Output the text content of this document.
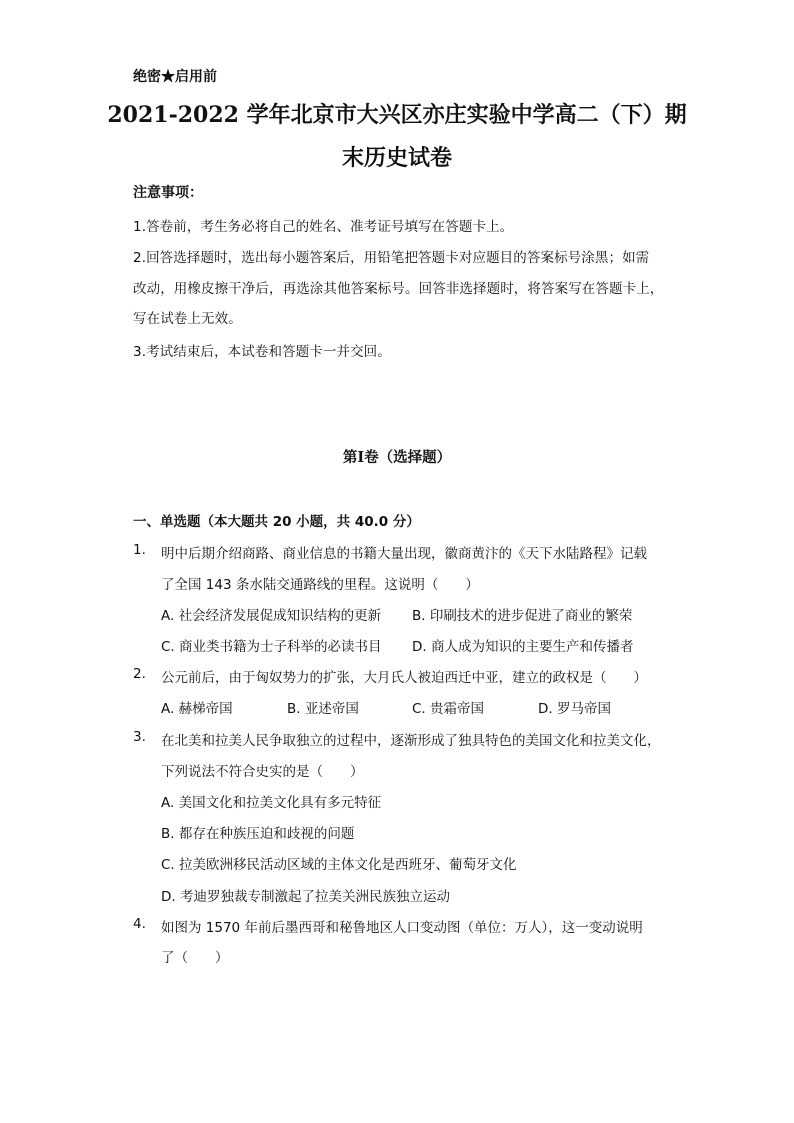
绝密★启用前
2021-2022 学年北京市大兴区亦庄实验中学高二（下）期
末历史试卷
注意事项：
1.答卷前，考生务必将自己的姓名、准考证号填写在答题卡上。
2.回答选择题时，选出每小题答案后，用铅笔把答题卡对应题目的答案标号涂黑；如需
改动，用橡皮擦干净后，再选涂其他答案标号。回答非选择题时，将答案写在答题卡上，
写在试卷上无效。
3.考试结束后，本试卷和答题卡一并交回。
第Ⅰ卷（选择题）
一、单选题（本大题共 20 小题，共 40.0 分）
1. 明中后期介绍商路、商业信息的书籍大量出现，徽商黄汴的《天下水陆路程》记载
了全国 143 条水陆交通路线的里程。这说明（　　）
A. 社会经济发展促成知识结构的更新 B. 印刷技术的进步促进了商业的繁荣
C. 商业类书籍为士子科举的必读书目 D. 商人成为知识的主要生产和传播者
2. 公元前后，由于匈奴势力的扩张，大月氏人被迫西迁中亚，建立的政权是（　　）
A. 赫梯帝国	B. 亚述帝国	C. 贵霜帝国	D. 罗马帝国
3. 在北美和拉美人民争取独立的过程中，逐渐形成了独具特色的美国文化和拉美文化，
下列说法不符合史实的是（　　）
A. 美国文化和拉美文化具有多元特征
B. 都存在种族压迫和歧视的问题
C. 拉美欧洲移民活动区域的主体文化是西班牙、葡萄牙文化
D. 考迪罗独裁专制激起了拉美关洲民族独立运动
4. 如图为 1570 年前后墨西哥和秘鲁地区人口变动图（单位：万人），这一变动说明
了（　　）
